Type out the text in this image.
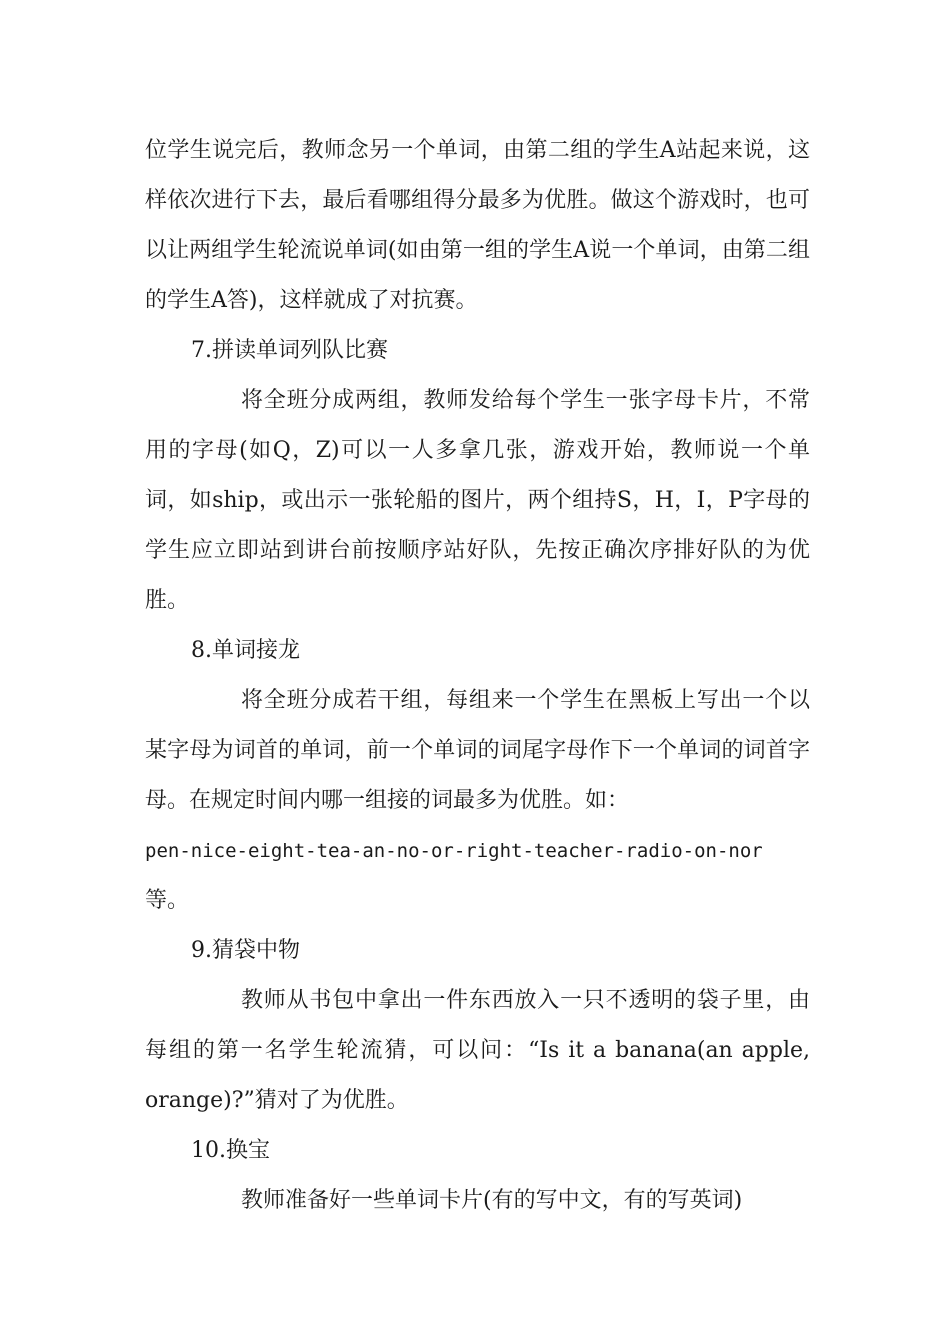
位学生说完后，教师念另一个单词，由第二组的学生A站起来说，这样依次进行下去，最后看哪组得分最多为优胜。做这个游戏时，也可以让两组学生轮流说单词(如由第一组的学生A说一个单词，由第二组的学生A答)，这样就成了对抗赛。

7.拼读单词列队比赛

将全班分成两组，教师发给每个学生一张字母卡片，不常用的字母(如Q，Z)可以一人多拿几张，游戏开始，教师说一个单词，如ship，或出示一张轮船的图片，两个组持S，H，I，P字母的学生应立即站到讲台前按顺序站好队，先按正确次序排好队的为优胜。

8.单词接龙

将全班分成若干组，每组来一个学生在黑板上写出一个以某字母为词首的单词，前一个单词的词尾字母作下一个单词的词首字母。在规定时间内哪一组接的词最多为优胜。如：

pen-nice-eight-tea-an-no-or-right-teacher-radio-on-nor

等。

9.猜袋中物

教师从书包中拿出一件东西放入一只不透明的袋子里，由每组的第一名学生轮流猜，可以问：“Is it a banana(an apple, orange)?”猜对了为优胜。

10.换宝

教师准备好一些单词卡片(有的写中文，有的写英词)
